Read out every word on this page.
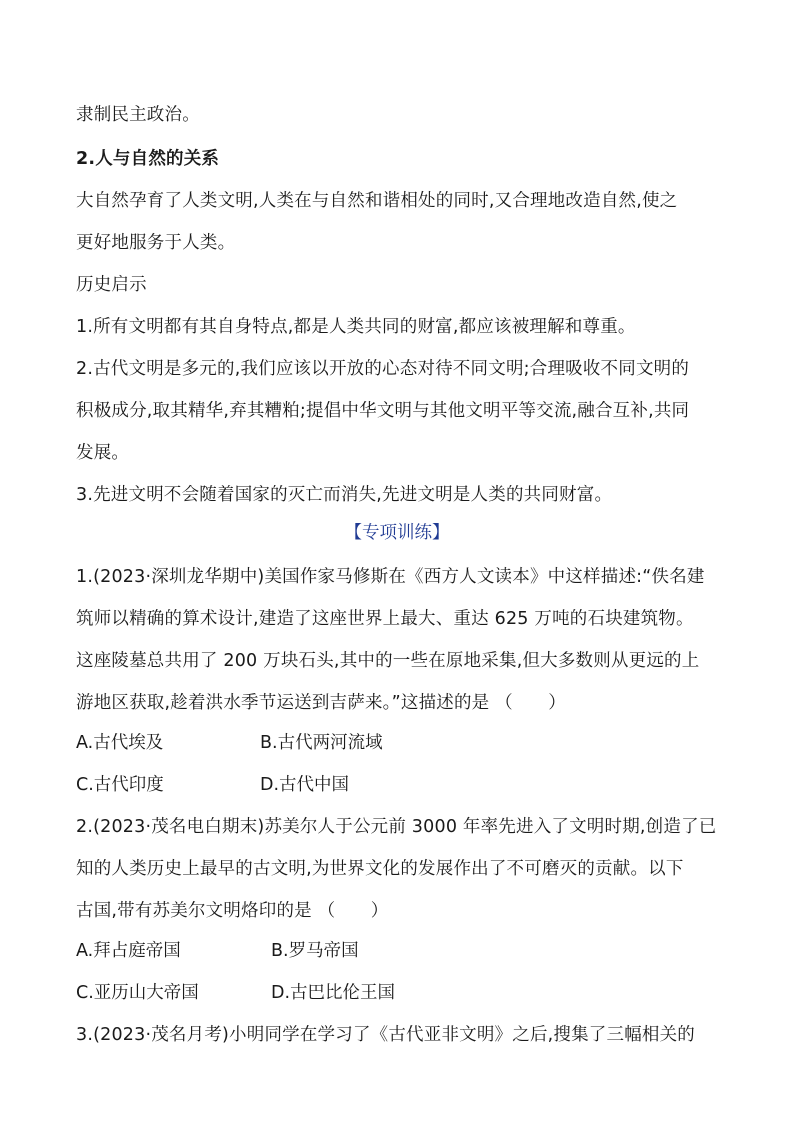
隶制民主政治。
2.人与自然的关系
大自然孕育了人类文明,人类在与自然和谐相处的同时,又合理地改造自然,使之
更好地服务于人类。
历史启示
1.所有文明都有其自身特点,都是人类共同的财富,都应该被理解和尊重。
2.古代文明是多元的,我们应该以开放的心态对待不同文明;合理吸收不同文明的
积极成分,取其精华,弃其糟粕;提倡中华文明与其他文明平等交流,融合互补,共同
发展。
3.先进文明不会随着国家的灭亡而消失,先进文明是人类的共同财富。
【专项训练】
1.(2023·深圳龙华期中)美国作家马修斯在《西方人文读本》中这样描述:“佚名建
筑师以精确的算术设计,建造了这座世界上最大、重达 625 万吨的石块建筑物。
这座陵墓总共用了 200 万块石头,其中的一些在原地采集,但大多数则从更远的上
游地区获取,趁着洪水季节运送到吉萨来。”这描述的是 （　　）
A.古代埃及	B.古代两河流域
C.古代印度	D.古代中国
2.(2023·茂名电白期末)苏美尔人于公元前 3000 年率先进入了文明时期,创造了已
知的人类历史上最早的古文明,为世界文化的发展作出了不可磨灭的贡献。以下
古国,带有苏美尔文明烙印的是 （　　）
A.拜占庭帝国	B.罗马帝国
C.亚历山大帝国	D.古巴比伦王国
3.(2023·茂名月考)小明同学在学习了《古代亚非文明》之后,搜集了三幅相关的
